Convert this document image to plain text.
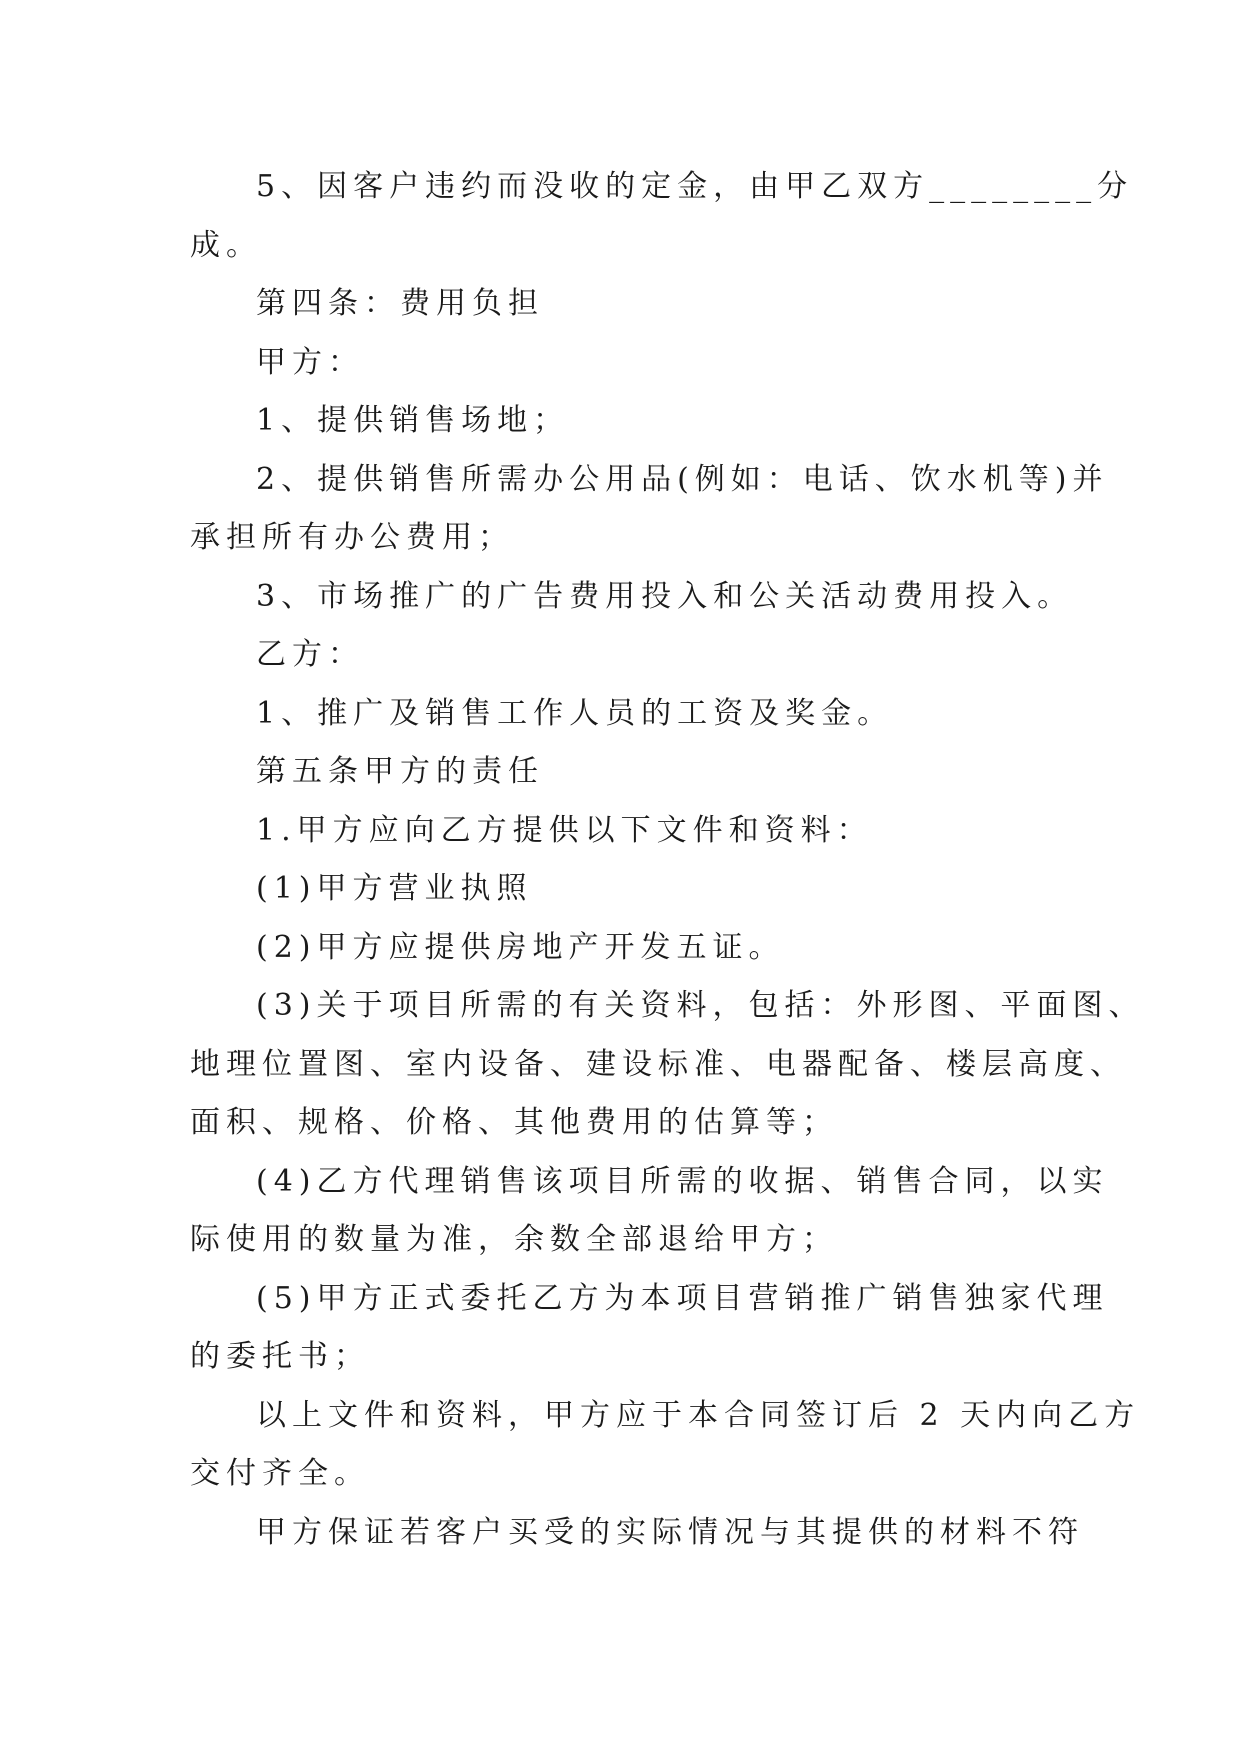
5、因客户违约而没收的定金，由甲乙双方________分
成。
第四条：费用负担
甲方：
1、提供销售场地；
2、提供销售所需办公用品(例如：电话、饮水机等)并
承担所有办公费用；
3、市场推广的广告费用投入和公关活动费用投入。
乙方：
1、推广及销售工作人员的工资及奖金。
第五条甲方的责任
1.甲方应向乙方提供以下文件和资料：
(1)甲方营业执照
(2)甲方应提供房地产开发五证。
(3)关于项目所需的有关资料，包括：外形图、平面图、
地理位置图、室内设备、建设标准、电器配备、楼层高度、
面积、规格、价格、其他费用的估算等；
(4)乙方代理销售该项目所需的收据、销售合同，以实
际使用的数量为准，余数全部退给甲方；
(5)甲方正式委托乙方为本项目营销推广销售独家代理
的委托书；
以上文件和资料，甲方应于本合同签订后 2 天内向乙方
交付齐全。
甲方保证若客户买受的实际情况与其提供的材料不符
